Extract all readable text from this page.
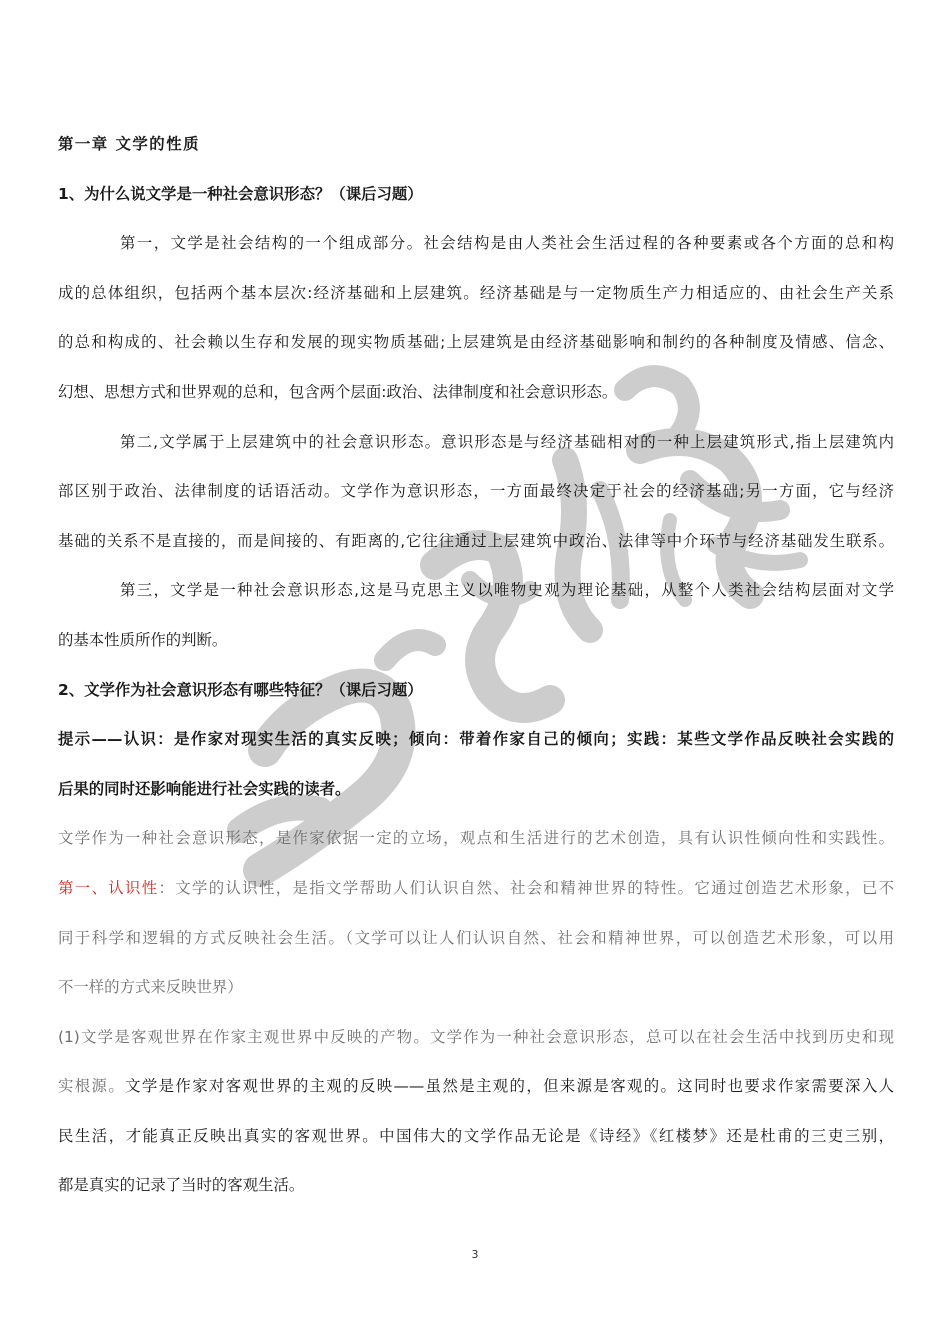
第一章 文学的性质
1、为什么说文学是一种社会意识形态？（课后习题）
第一，文学是社会结构的一个组成部分。社会结构是由人类社会生活过程的各种要素或各个方面的总和构
成的总体组织，包括两个基本层次:经济基础和上层建筑。经济基础是与一定物质生产力相适应的、由社会生产关系
的总和构成的、社会赖以生存和发展的现实物质基础;上层建筑是由经济基础影响和制约的各种制度及情感、信念、
幻想、思想方式和世界观的总和，包含两个层面:政治、法律制度和社会意识形态。
第二,文学属于上层建筑中的社会意识形态。意识形态是与经济基础相对的一种上层建筑形式,指上层建筑内
部区别于政治、法律制度的话语活动。文学作为意识形态，一方面最终决定于社会的经济基础;另一方面，它与经济
基础的关系不是直接的，而是间接的、有距离的,它往往通过上层建筑中政治、法律等中介环节与经济基础发生联系。
第三，文学是一种社会意识形态,这是马克思主义以唯物史观为理论基础，从整个人类社会结构层面对文学
的基本性质所作的判断。
2、文学作为社会意识形态有哪些特征？（课后习题）
提示——认识：是作家对现实生活的真实反映；倾向：带着作家自己的倾向；实践：某些文学作品反映社会实践的
后果的同时还影响能进行社会实践的读者。
文学作为一种社会意识形态，是作家依据一定的立场，观点和生活进行的艺术创造，具有认识性倾向性和实践性。
第一、认识性：文学的认识性，是指文学帮助人们认识自然、社会和精神世界的特性。它通过创造艺术形象，已不
同于科学和逻辑的方式反映社会生活。（文学可以让人们认识自然、社会和精神世界，可以创造艺术形象，可以用
不一样的方式来反映世界）
(1)文学是客观世界在作家主观世界中反映的产物。文学作为一种社会意识形态，总可以在社会生活中找到历史和现
实根源。文学是作家对客观世界的主观的反映——虽然是主观的，但来源是客观的。这同时也要求作家需要深入人
民生活，才能真正反映出真实的客观世界。中国伟大的文学作品无论是《诗经》《红楼梦》还是杜甫的三吏三别，
都是真实的记录了当时的客观生活。
3
